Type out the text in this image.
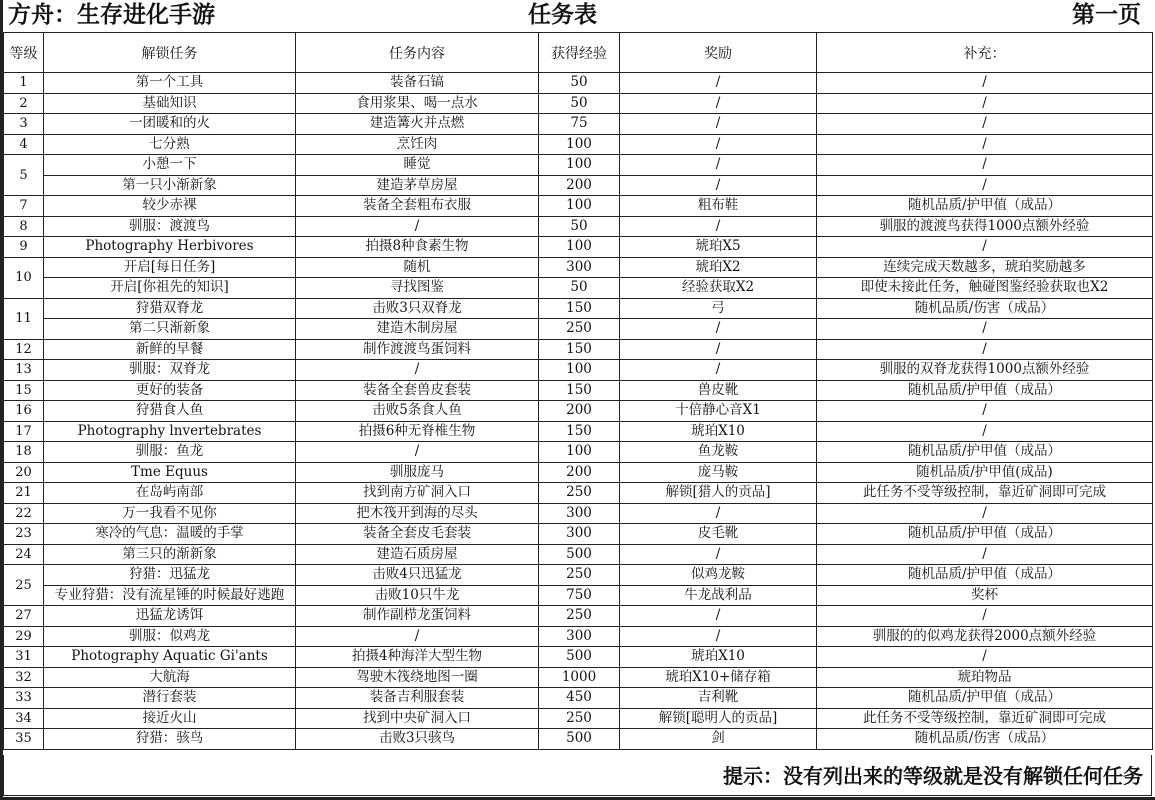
方舟：生存进化手游	任务表	第一页
等级	解锁任务	任务内容	获得经验	奖励	补充：
1	第一个工具	装备石镐	50	/	/
2	基础知识	食用浆果、喝一点水	50	/	/
3	一团暖和的火	建造篝火并点燃	75	/	/
4	七分熟	烹饪肉	100	/	/
5	小憩一下	睡觉	100	/	/
	第一只小渐新象	建造茅草房屋	200	/	/
7	较少赤裸	装备全套粗布衣服	100	粗布鞋	随机品质/护甲值（成品）
8	驯服：渡渡鸟	/	50	/	驯服的渡渡鸟获得1000点额外经验
9	Photography Herbivores	拍摄8种食素生物	100	琥珀X5	/
10	开启[每日任务]	随机	300	琥珀X2	连续完成天数越多，琥珀奖励越多
	开启[你祖先的知识]	寻找图鉴	50	经验获取X2	即使未接此任务，触碰图鉴经验获取也X2
11	狩猎双脊龙	击败3只双脊龙	150	弓	随机品质/伤害（成品）
	第二只渐新象	建造木制房屋	250	/	/
12	新鲜的早餐	制作渡渡鸟蛋饲料	150	/	/
13	驯服：双脊龙	/	100	/	驯服的双脊龙获得1000点额外经验
15	更好的装备	装备全套兽皮套装	150	兽皮靴	随机品质/护甲值（成品）
16	狩猎食人鱼	击败5条食人鱼	200	十倍静心音X1	/
17	Photography lnvertebrates	拍摄6种无脊椎生物	150	琥珀X10	/
18	驯服：鱼龙	/	100	鱼龙鞍	随机品质/护甲值（成品）
20	Tme Equus	驯服庞马	200	庞马鞍	随机品质/护甲值(成品)
21	在岛屿南部	找到南方矿洞入口	250	解锁[猎人的贡品]	此任务不受等级控制，靠近矿洞即可完成
22	万一我看不见你	把木筏开到海的尽头	300	/	/
23	寒冷的气息：温暖的手掌	装备全套皮毛套装	300	皮毛靴	随机品质/护甲值（成品）
24	第三只的渐新象	建造石质房屋	500	/	/
25	狩猎：迅猛龙	击败4只迅猛龙	250	似鸡龙鞍	随机品质/护甲值（成品）
	专业狩猎：没有流星锤的时候最好逃跑	击败10只牛龙	750	牛龙战利品	奖杯
27	迅猛龙诱饵	制作副栉龙蛋饲料	250	/	/
29	驯服：似鸡龙	/	300	/	驯服的的似鸡龙获得2000点额外经验
31	Photography Aquatic Gi'ants	拍摄4种海洋大型生物	500	琥珀X10	/
32	大航海	驾驶木筏绕地图一圈	1000	琥珀X10+储存箱	琥珀物品
33	潜行套装	装备吉利服套装	450	吉利靴	随机品质/护甲值（成品）
34	接近火山	找到中央矿洞入口	250	解锁[聪明人的贡品]	此任务不受等级控制，靠近矿洞即可完成
35	狩猎：骇鸟	击败3只骇鸟	500	剑	随机品质/伤害（成品）
提示：没有列出来的等级就是没有解锁任何任务
